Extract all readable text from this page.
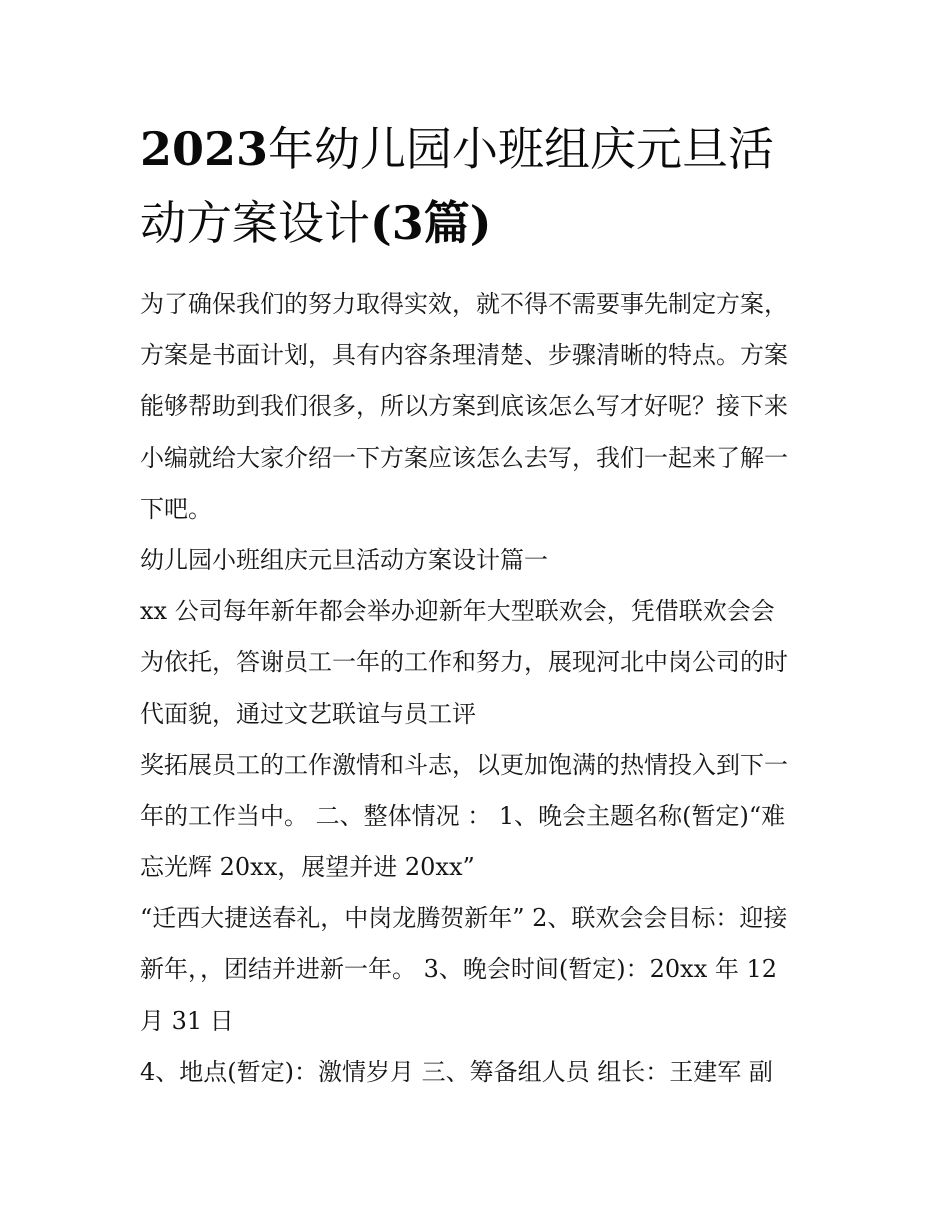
2023年幼儿园小班组庆元旦活
动方案设计(3篇)
为了确保我们的努力取得实效，就不得不需要事先制定方案，
方案是书面计划，具有内容条理清楚、步骤清晰的特点。方案
能够帮助到我们很多，所以方案到底该怎么写才好呢？接下来
小编就给大家介绍一下方案应该怎么去写，我们一起来了解一
下吧。
幼儿园小班组庆元旦活动方案设计篇一
xx 公司每年新年都会举办迎新年大型联欢会，凭借联欢会会
为依托，答谢员工一年的工作和努力，展现河北中岗公司的时
代面貌，通过文艺联谊与员工评
奖拓展员工的工作激情和斗志，以更加饱满的热情投入到下一
年的工作当中。 二、整体情况 ： 1、晚会主题名称(暂定)“难
忘光辉 20xx，展望并进 20xx”
“迁西大捷送春礼，中岗龙腾贺新年” 2、联欢会会目标：迎接
新年，，团结并进新一年。 3、晚会时间(暂定)：20xx 年 12
月 31 日
4、地点(暂定)：激情岁月 三、筹备组人员 组长：王建军 副
